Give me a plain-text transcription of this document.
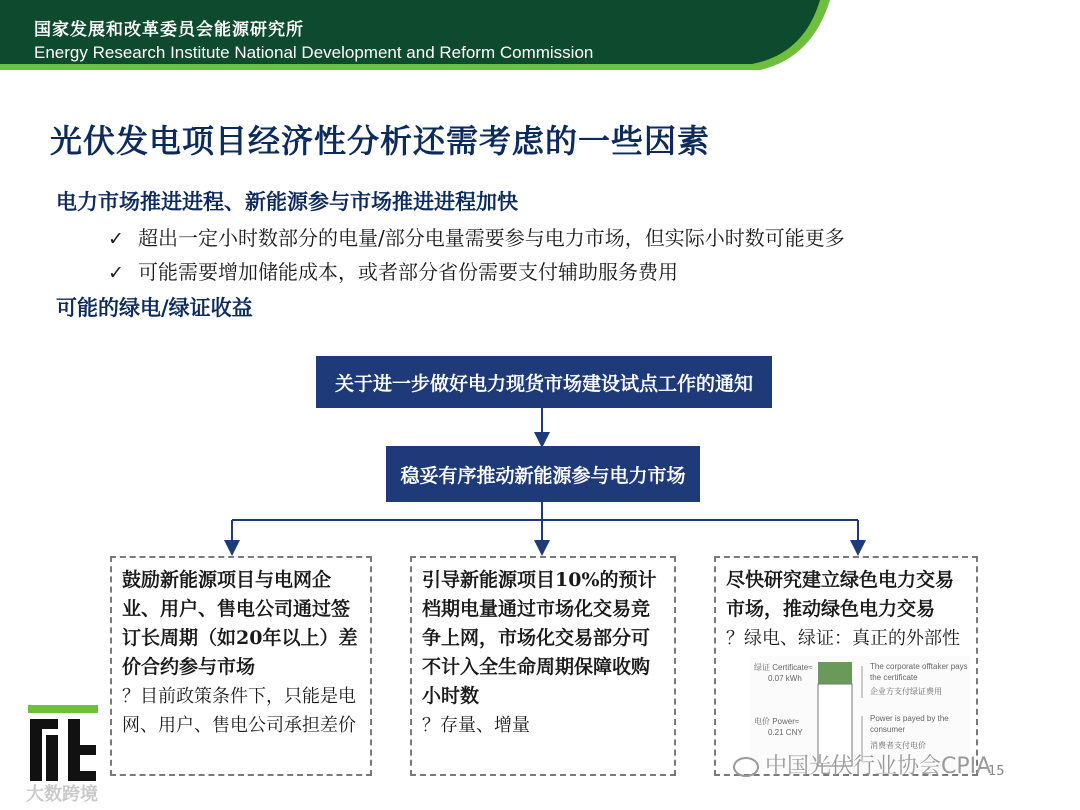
国家发展和改革委员会能源研究所
Energy Research Institute National Development and Reform Commission
光伏发电项目经济性分析还需考虑的一些因素
电力市场推进进程、新能源参与市场推进进程加快
✓ 超出一定小时数部分的电量/部分电量需要参与电力市场，但实际小时数可能更多
✓ 可能需要增加储能成本，或者部分省份需要支付辅助服务费用
可能的绿电/绿证收益
关于进一步做好电力现货市场建设试点工作的通知
稳妥有序推动新能源参与电力市场
鼓励新能源项目与电网企业、用户、售电公司通过签订长周期（如20年以上）差价合约参与市场
？目前政策条件下，只能是电网、用户、售电公司承担差价
引导新能源项目10%的预计档期电量通过市场化交易竞争上网，市场化交易部分可不计入全生命周期保障收购小时数
？存量、增量
尽快研究建立绿色电力交易市场，推动绿色电力交易
？绿电、绿证：真正的外部性
绿证 Certificate≈
0.07 kWh
电价 Power≈
0.21 CNY
The corporate offtaker pays
the certificate
企业方支付绿证费用
Power is payed by the
consumer
消费者支付电价
大数跨境
中国光伏行业协会CPIA
15
